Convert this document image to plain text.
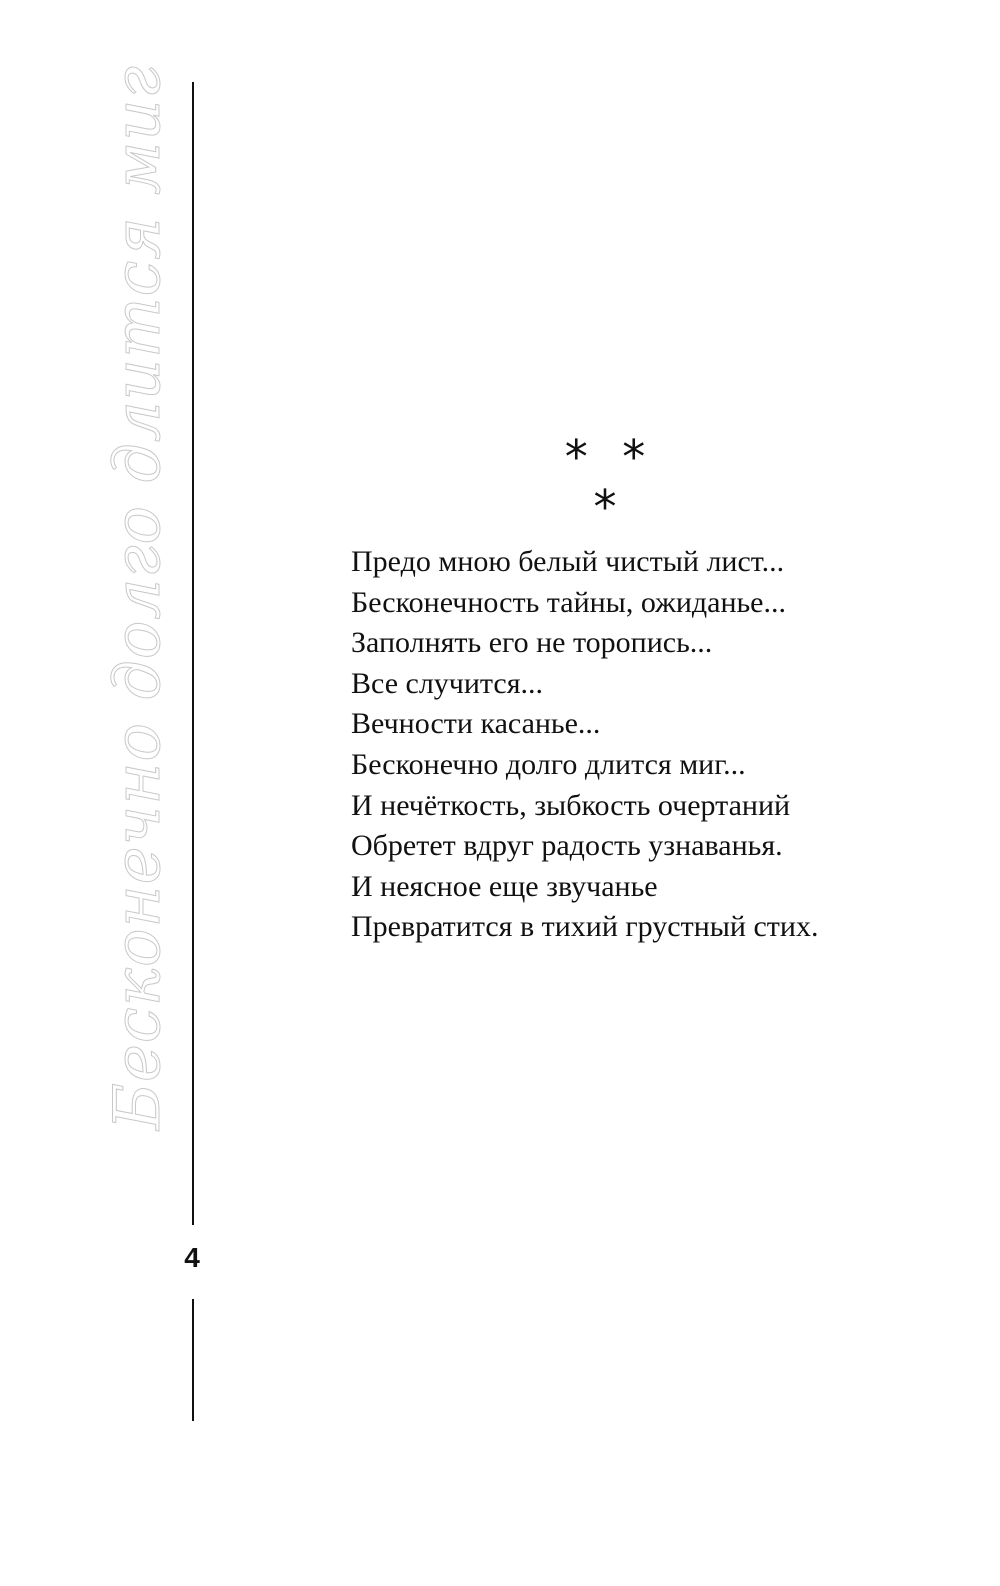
Бесконечно долго длится миг
4
* * *
Предо мною белый чистый лист...
Бесконечность тайны, ожиданье...
Заполнять его не торопись...
Все случится...
Вечности касанье...
Бесконечно долго длится миг...
И нечёткость, зыбкость очертаний
Обретет вдруг радость узнаванья.
И неясное еще звучанье
Превратится в тихий грустный стих.
